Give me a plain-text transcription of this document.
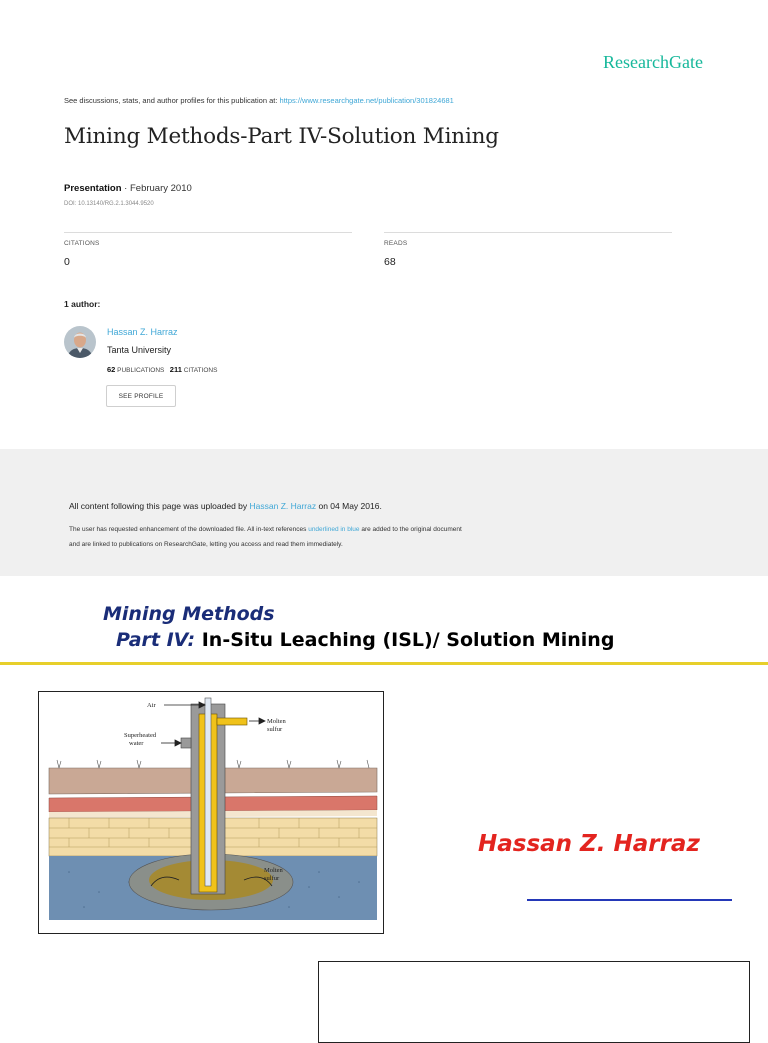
ResearchGate
See discussions, stats, and author profiles for this publication at: https://www.researchgate.net/publication/301824681
Mining Methods-Part IV-Solution Mining
Presentation · February 2010
DOI: 10.13140/RG.2.1.3044.9520
CITATIONS
0
READS
68
1 author:
Hassan Z. Harraz
Tanta University
62 PUBLICATIONS 211 CITATIONS
SEE PROFILE
All content following this page was uploaded by Hassan Z. Harraz on 04 May 2016.
The user has requested enhancement of the downloaded file. All in-text references underlined in blue are added to the original document
and are linked to publications on ResearchGate, letting you access and read them immediately.
Mining Methods
Part IV: In-Situ Leaching (ISL)/ Solution Mining
Air
Superheated
water
Molten
sulfur
Molten
sulfur
Hassan Z. Harraz
